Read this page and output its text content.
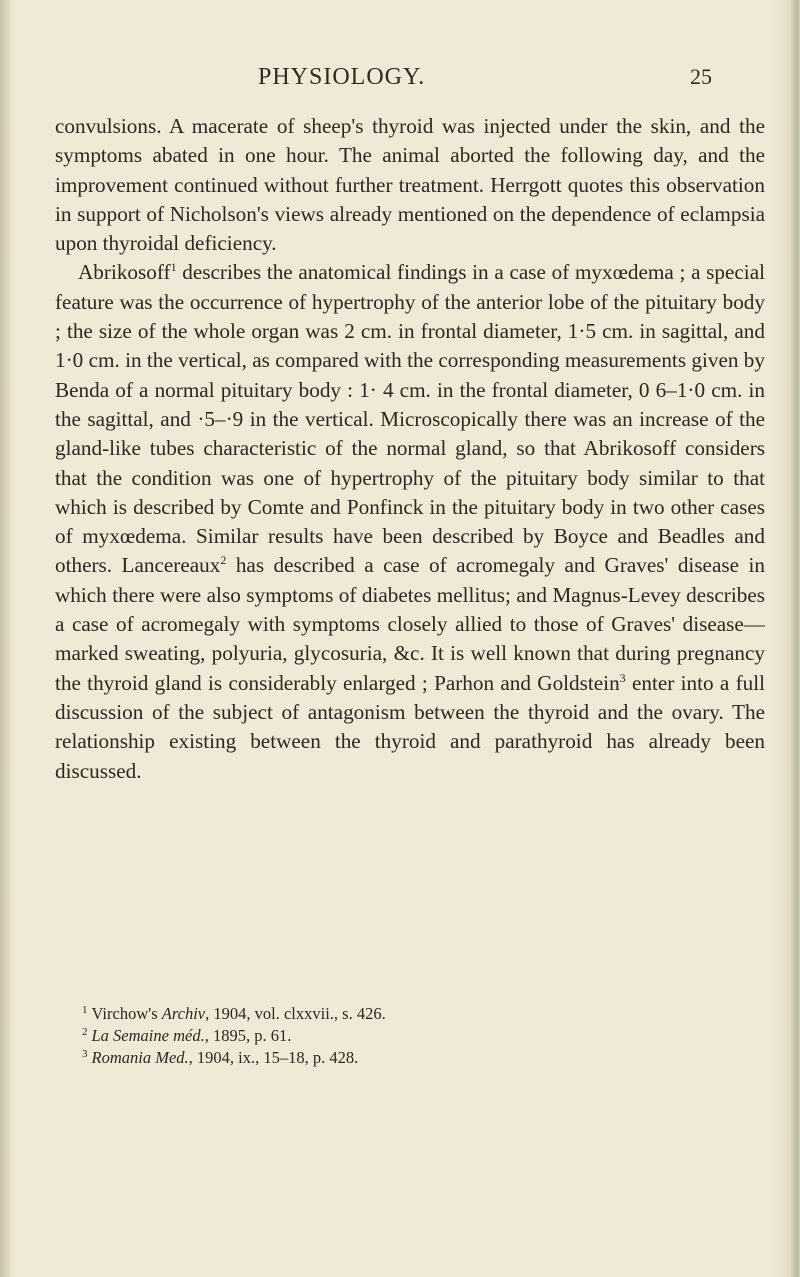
PHYSIOLOGY.	25

convulsions. A macerate of sheep's thyroid was injected under the skin, and the symptoms abated in one hour. The animal aborted the following day, and the improvement continued without further treatment. Herrgott quotes this observation in support of Nicholson's views already mentioned on the dependence of eclampsia upon thyroidal deficiency.

Abrikosoff$^1$ describes the anatomical findings in a case of myxœdema ; a special feature was the occurrence of hypertrophy of the anterior lobe of the pituitary body ; the size of the whole organ was 2 cm. in frontal diameter, 1·5 cm. in sagittal, and 1·0 cm. in the vertical, as compared with the corresponding measurements given by Benda of a normal pituitary body : 1· 4 cm. in the frontal diameter, 0 6–1·0 cm. in the sagittal, and ·5–·9 in the vertical. Microscopically there was an increase of the gland-like tubes characteristic of the normal gland, so that Abrikosoff considers that the condition was one of hypertrophy of the pituitary body similar to that which is described by Comte and Ponfinck in the pituitary body in two other cases of myxœdema. Similar results have been described by Boyce and Beadles and others. Lancereaux$^2$ has described a case of acromegaly and Graves' disease in which there were also symptoms of diabetes mellitus; and Magnus-Levey describes a case of acromegaly with symptoms closely allied to those of Graves' disease—marked sweating, polyuria, glycosuria, &c. It is well known that during pregnancy the thyroid gland is considerably enlarged ; Parhon and Goldstein$^3$ enter into a full discussion of the subject of antagonism between the thyroid and the ovary. The relationship existing between the thyroid and parathyroid has already been discussed.

$^1$ Virchow's Archiv, 1904, vol. clxxvii., s. 426.
$^2$ La Semaine méd., 1895, p. 61.
$^3$ Romania Med., 1904, ix., 15–18, p. 428.
